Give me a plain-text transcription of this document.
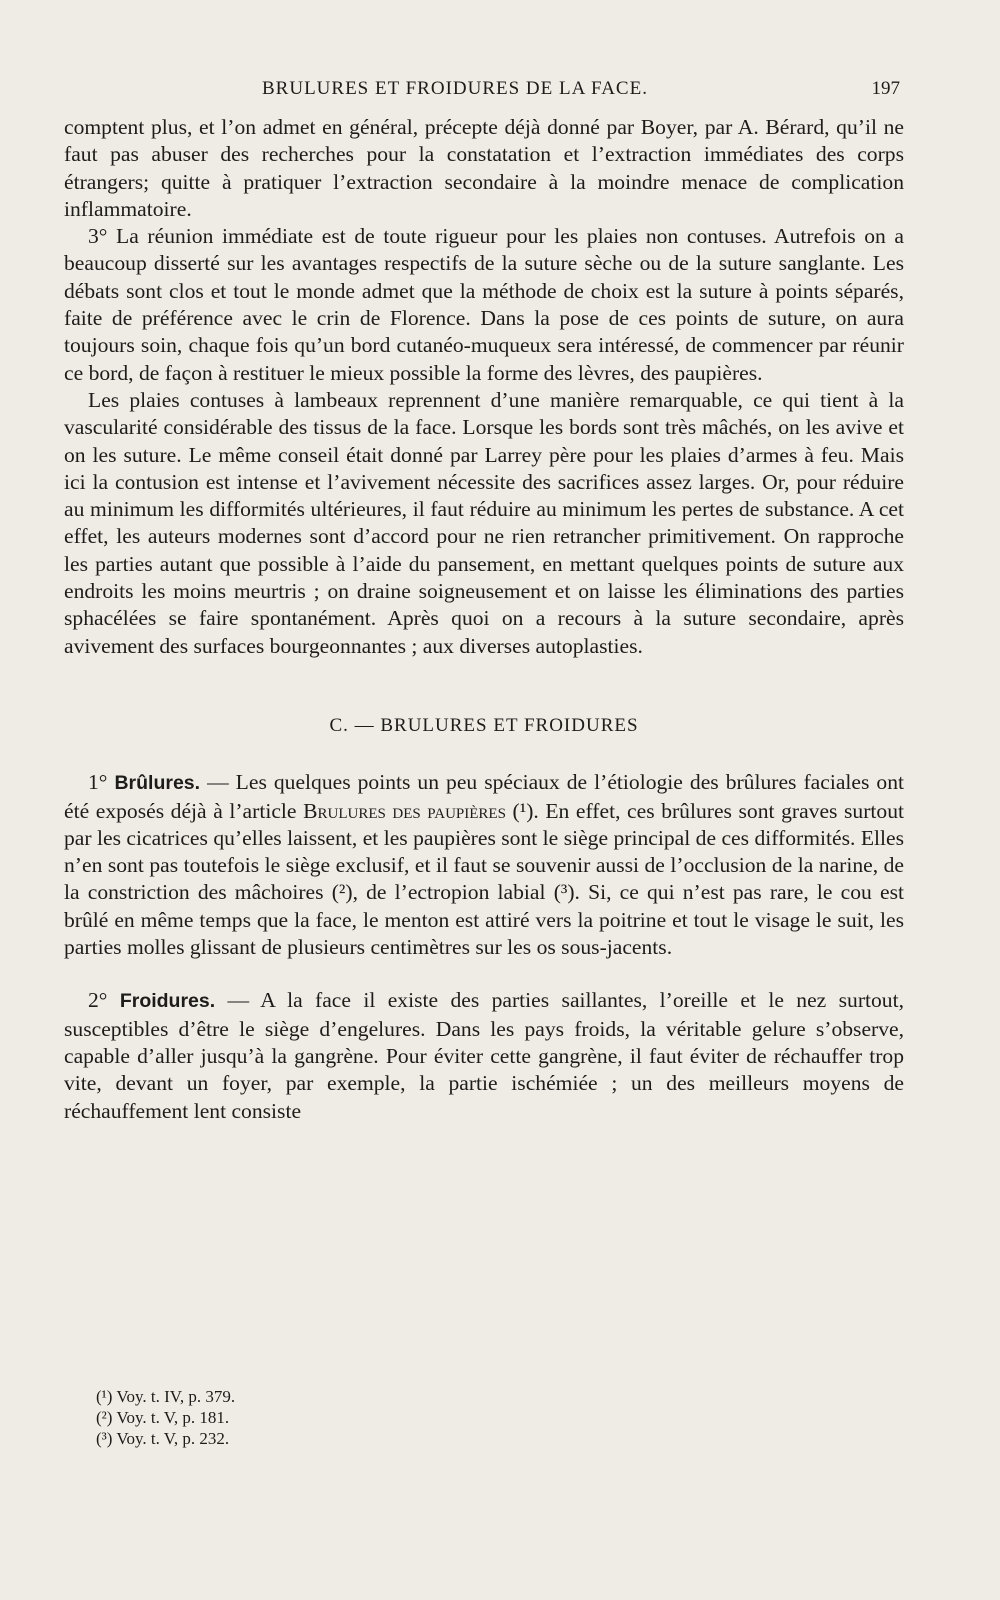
BRULURES ET FROIDURES DE LA FACE.	197

comptent plus, et l’on admet en général, précepte déjà donné par Boyer, par A. Bérard, qu’il ne faut pas abuser des recherches pour la constatation et l’extraction immédiates des corps étrangers; quitte à pratiquer l’extraction secondaire à la moindre menace de complication inflammatoire.

3° La réunion immédiate est de toute rigueur pour les plaies non contuses. Autrefois on a beaucoup disserté sur les avantages respectifs de la suture sèche ou de la suture sanglante. Les débats sont clos et tout le monde admet que la méthode de choix est la suture à points séparés, faite de préférence avec le crin de Florence. Dans la pose de ces points de suture, on aura toujours soin, chaque fois qu’un bord cutanéo-muqueux sera intéressé, de commencer par réunir ce bord, de façon à restituer le mieux possible la forme des lèvres, des paupières.

Les plaies contuses à lambeaux reprennent d’une manière remarquable, ce qui tient à la vascularité considérable des tissus de la face. Lorsque les bords sont très mâchés, on les avive et on les suture. Le même conseil était donné par Larrey père pour les plaies d’armes à feu. Mais ici la contusion est intense et l’avivement nécessite des sacrifices assez larges. Or, pour réduire au minimum les difformités ultérieures, il faut réduire au minimum les pertes de substance. A cet effet, les auteurs modernes sont d’accord pour ne rien retrancher primitivement. On rapproche les parties autant que possible à l’aide du pansement, en mettant quelques points de suture aux endroits les moins meurtris ; on draine soigneusement et on laisse les éliminations des parties sphacélées se faire spontanément. Après quoi on a recours à la suture secondaire, après avivement des surfaces bourgeonnantes ; aux diverses autoplasties.

C. — BRULURES ET FROIDURES

1° Brûlures. — Les quelques points un peu spéciaux de l’étiologie des brûlures faciales ont été exposés déjà à l’article Brulures des paupières (¹). En effet, ces brûlures sont graves surtout par les cicatrices qu’elles laissent, et les paupières sont le siège principal de ces difformités. Elles n’en sont pas toutefois le siège exclusif, et il faut se souvenir aussi de l’occlusion de la narine, de la constriction des mâchoires (²), de l’ectropion labial (³). Si, ce qui n’est pas rare, le cou est brûlé en même temps que la face, le menton est attiré vers la poitrine et tout le visage le suit, les parties molles glissant de plusieurs centimètres sur les os sous-jacents.

2° Froidures. — A la face il existe des parties saillantes, l’oreille et le nez surtout, susceptibles d’être le siège d’engelures. Dans les pays froids, la véritable gelure s’observe, capable d’aller jusqu’à la gangrène. Pour éviter cette gangrène, il faut éviter de réchauffer trop vite, devant un foyer, par exemple, la partie ischémiée ; un des meilleurs moyens de réchauffement lent consiste

(¹) Voy. t. IV, p. 379.
(²) Voy. t. V, p. 181.
(³) Voy. t. V, p. 232.
